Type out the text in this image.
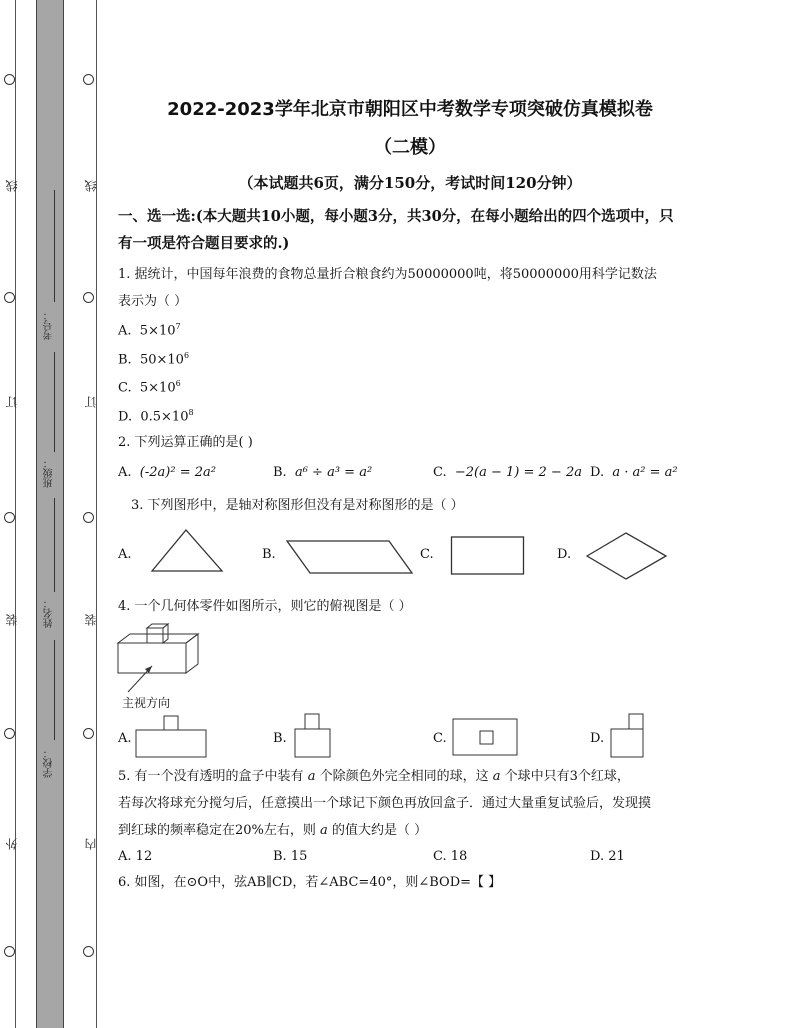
线
订
装
外
线
订
装
内
考号：
班级：
姓名：
学校：
2022-2023学年北京市朝阳区中考数学专项突破仿真模拟卷
（二模）
（本试题共6页，满分150分，考试时间120分钟）
一、选一选:(本大题共10小题，每小题3分，共30分，在每小题给出的四个选项中，只有一项是符合题目要求的.)
1. 据统计，中国每年浪费的食物总量折合粮食约为50000000吨，将50000000用科学记数法
表示为（ ）
A. $5\times 10^7$
B. $50\times 10^6$
C. $5\times 10^6$
D. $0.5\times 10^8$
2. 下列运算正确的是( )
A. (-2a)² = 2a²	B. a⁶ ÷ a³ = a²	C. −2(a − 1) = 2 − 2a D. a · a² = a²
3. 下列图形中，是轴对称图形但没有是对称图形的是（ ）
A.	B.	C.	D.
4. 一个几何体零件如图所示，则它的俯视图是（ ）
主视方向
A.	B.	C.	D.
5. 有一个没有透明的盒子中装有 a 个除颜色外完全相同的球，这 a 个球中只有3个红球，
若每次将球充分搅匀后，任意摸出一个球记下颜色再放回盒子．通过大量重复试验后，发现摸
到红球的频率稳定在20%左右，则 a 的值大约是（ ）
A. 12	B. 15	C. 18	D. 21
6. 如图，在⊙O中，弦AB∥CD，若∠ABC=40°，则∠BOD=【 】
